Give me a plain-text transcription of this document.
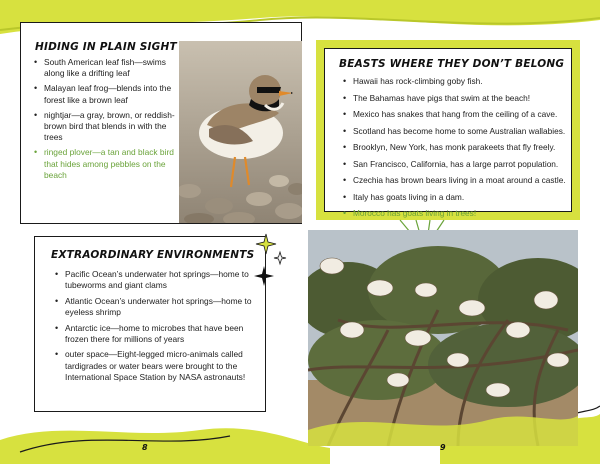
HIDING IN PLAIN SIGHT
• South American leaf fish—swims along like a drifting leaf
• Malayan leaf frog—blends into the forest like a brown leaf
• nightjar—a gray, brown, or reddish-brown bird that blends in with the trees
• ringed plover—a tan and black bird that hides among pebbles on the beach
BEASTS WHERE THEY DON’T BELONG
• Hawaii has rock-climbing goby fish.
• The Bahamas have pigs that swim at the beach!
• Mexico has snakes that hang from the ceiling of a cave.
• Scotland has become home to some Australian wallabies.
• Brooklyn, New York, has monk parakeets that fly freely.
• San Francisco, California, has a large parrot population.
• Czechia has brown bears living in a moat around a castle.
• Italy has goats living in a dam.
• Morocco has goats living in trees!
EXTRAORDINARY ENVIRONMENTS
• Pacific Ocean’s underwater hot springs—home to tubeworms and giant clams
• Atlantic Ocean’s underwater hot springs—home to eyeless shrimp
• Antarctic ice—home to microbes that have been frozen there for millions of years
• outer space—Eight-legged micro-animals called tardigrades or water bears were brought to the International Space Station by NASA astronauts!
8	9
